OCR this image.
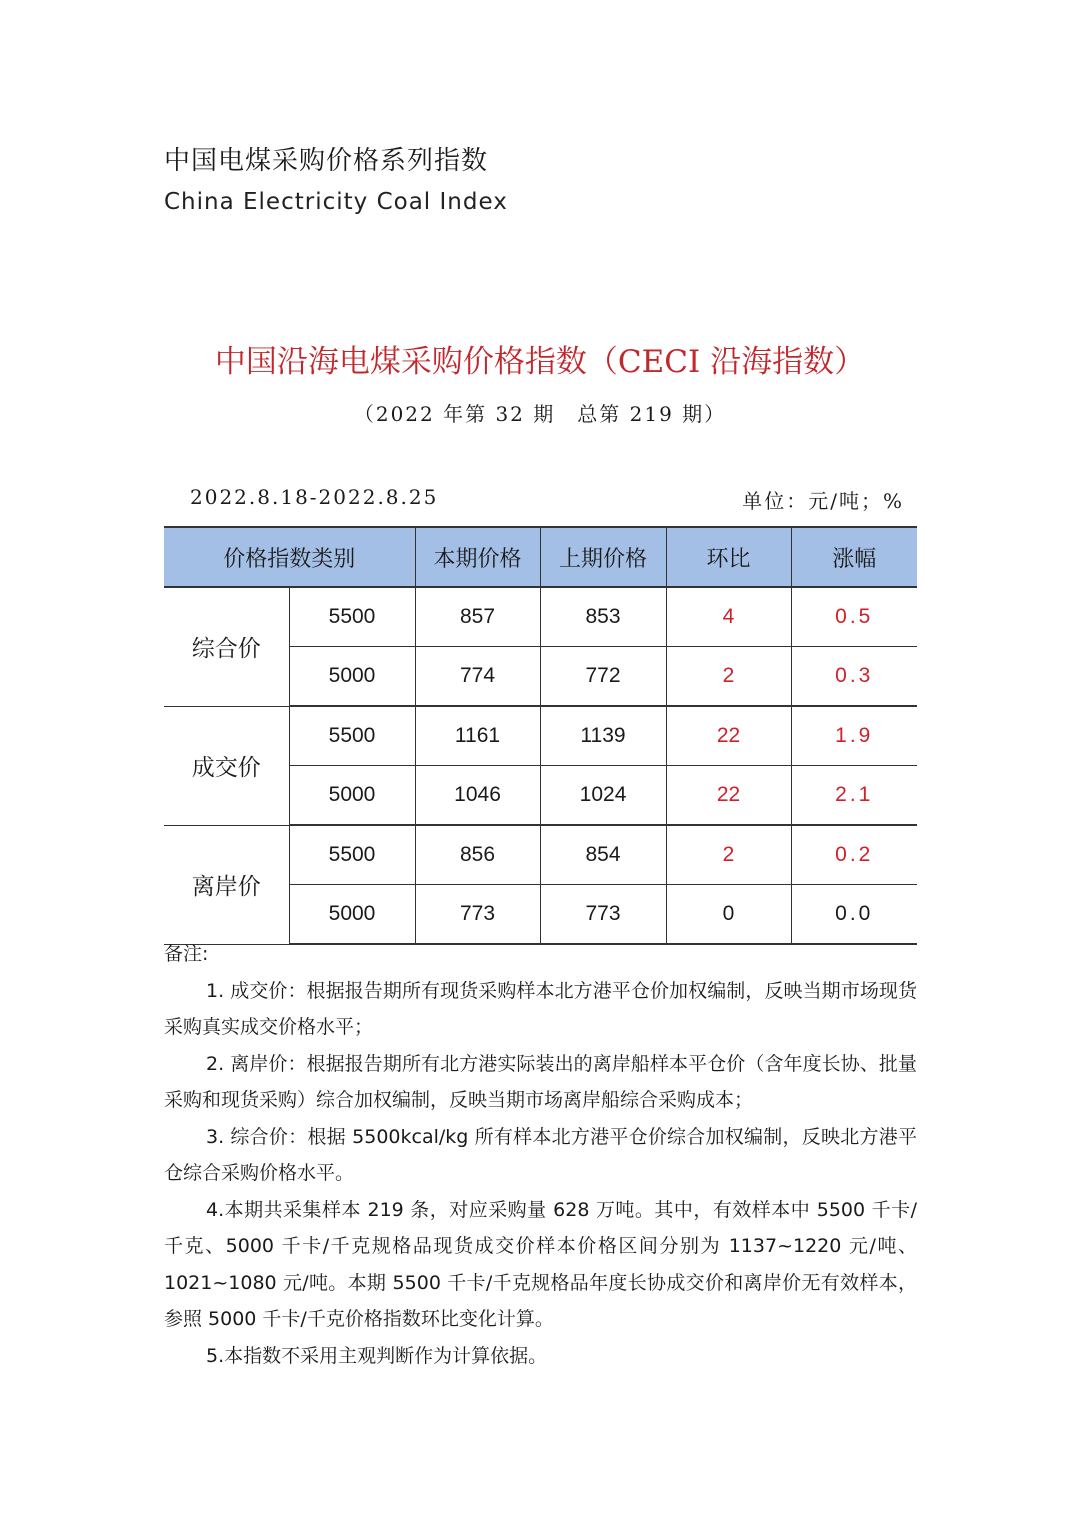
中国电煤采购价格系列指数
China Electricity Coal Index
中国沿海电煤采购价格指数（CECI 沿海指数）
（2022 年第 32 期　总第 219 期）
2022.8.18-2022.8.25	单位：元/吨；%
价格指数类别		本期价格	上期价格	环比	涨幅
综合价	5500	857	853	4	0.5
	5000	774	772	2	0.3
成交价	5500	1161	1139	22	1.9
	5000	1046	1024	22	2.1
离岸价	5500	856	854	2	0.2
	5000	773	773	0	0.0
备注:

1. 成交价：根据报告期所有现货采购样本北方港平仓价加权编制，反映当期市场现货采购真实成交价格水平；

2. 离岸价：根据报告期所有北方港实际装出的离岸船样本平仓价（含年度长协、批量采购和现货采购）综合加权编制，反映当期市场离岸船综合采购成本；

3. 综合价：根据 5500kcal/kg 所有样本北方港平仓价综合加权编制，反映北方港平仓综合采购价格水平。

4.本期共采集样本 219 条，对应采购量 628 万吨。其中，有效样本中 5500 千卡/千克、5000 千卡/千克规格品现货成交价样本价格区间分别为 1137~1220 元/吨、1021~1080 元/吨。本期 5500 千卡/千克规格品年度长协成交价和离岸价无有效样本，参照 5000 千卡/千克价格指数环比变化计算。

5.本指数不采用主观判断作为计算依据。
